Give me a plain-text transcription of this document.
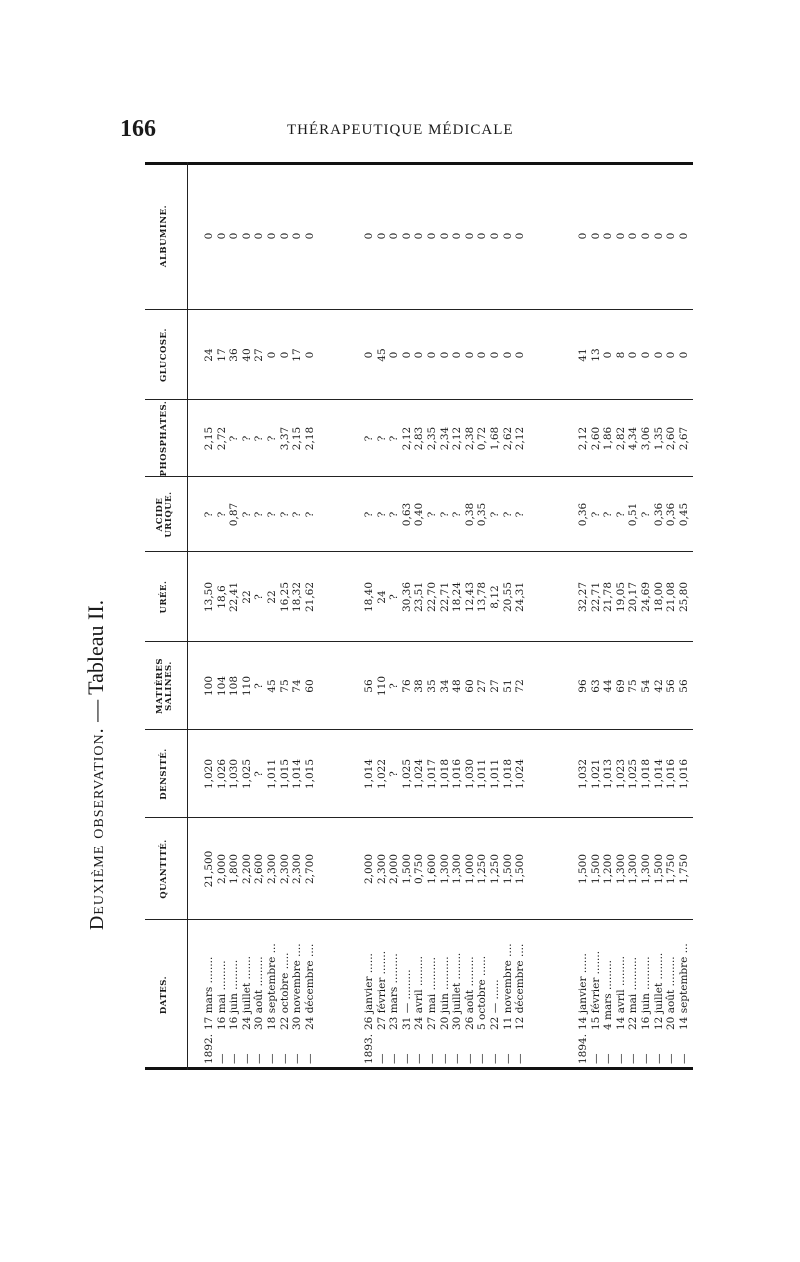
166	THÉRAPEUTIQUE MÉDICALE
Deuxième observation. — Tableau II.
DATES.
QUANTITÉ.
DENSITÉ.
MATIÈRES SALINES.
URÉE.
ACIDE URIQUE.
PHOSPHATES.
GLUCOSE.
ALBUMINE.
1892.
17 mars ........
21,500
1,020
100
13,50
?
2,15
24
0
—
16 mai .........
2,000
1,026
104
18,6
?
2,72
17
0
—
16 juin .........
1,800
1,030
108
22,41
0,87
?
36
0
—
24 juillet .......
2,200
1,025
110
22
?
?
40
0
—
30 août .........
2,600
?
?
?
?
?
27
0
—
18 septembre ...
2,300
1,011
45
22
?
?
0
0
—
22 octobre .....
2,300
1,015
75
16,25
?
3,37
0
0
—
30 novembre ....
2,300
1,014
74
18,32
?
2,15
17
0
—
24 décembre ....
2,700
1,015
60
21,62
?
2,18
0
0
1893.
26 janvier ......
2,000
1,014
56
18,40
?
?
0
0
—
27 février .......
2,300
1,022
110
24
?
?
45
0
—
23 mars .........
2,000
?
?
?
?
?
0
0
—
31 — .........
1,500
1,025
76
30,36
0,63
2,12
0
0
—
24 avril .........
0,750
1,024
38
23,51
0,40
2,83
0
0
—
27 mai ..........
1,600
1,017
35
22,70
?
2,35
0
0
—
20 juin ..........
1,300
1,018
34
22,71
?
2,34
0
0
—
30 juillet ........
1,300
1,016
48
18,24
?
2,12
0
0
—
26 août .........
1,000
1,030
60
12,43
0,38
2,38
0
0
—
5 octobre ......
1,250
1,011
27
13,78
0,35
0,72
0
0
—
22 — ......
1,250
1,011
27
8,12
?
1,68
0
0
—
11 novembre ....
1,500
1,018
51
20,55
?
2,62
0
0
—
12 décembre ....
1,500
1,024
72
24,31
?
2,12
0
0
1894.
14 janvier ......
1,500
1,032
96
32,27
0,36
2,12
41
0
—
15 février .......
1,500
1,021
63
22,71
?
2,60
13
0
—
4 mars .........
1,200
1,013
44
21,78
?
1,86
0
0
—
14 avril .........
1,300
1,023
69
19,05
?
2,82
8
0
—
22 mai ..........
1,300
1,025
75
20,17
0,51
4,34
0
0
—
16 juin ..........
1,300
1,018
54
24,69
?
3,06
0
0
—
12 juillet ........
1,500
1,014
42
18,00
0,36
1,35
0
0
—
20 août .........
1,750
1,016
56
21,08
0,36
2,60
0
0
—
14 septembre ...
1,750
1,016
56
25,80
0,45
2,67
0
0
